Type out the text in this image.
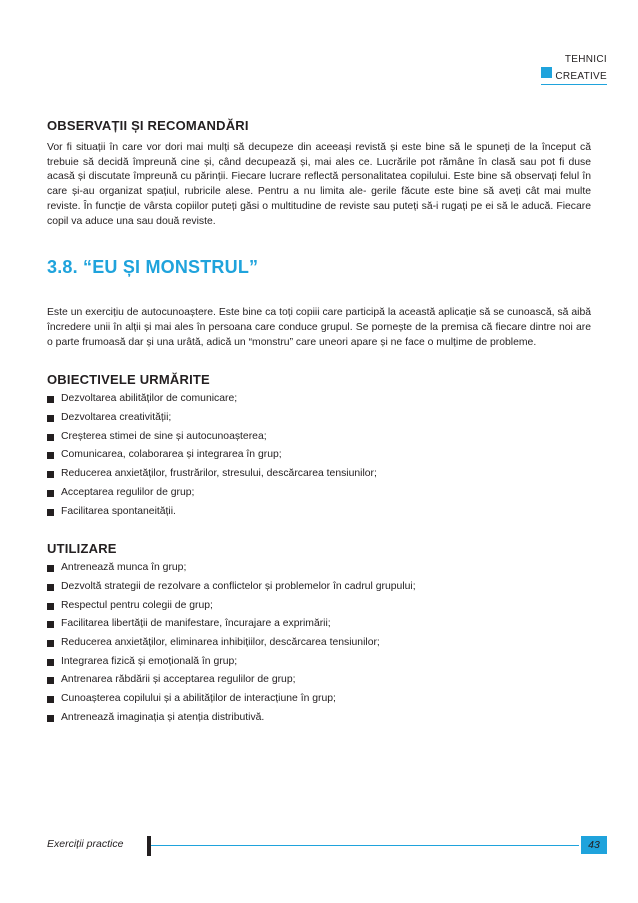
TEHNICI
CREATIVE
OBSERVAȚII ȘI RECOMANDĂRI

Vor fi situații în care vor dori mai mulți să decupeze din aceeași revistă și este bine să le spuneți de la început că trebuie să decidă împreună cine și, când decupează și, mai ales ce. Lucrările pot rămâne în clasă sau pot fi duse acasă și discutate împreună cu părinții. Fiecare lucrare reflectă personalitatea copilului. Este bine să observați felul în care și-au organizat spațiul, rubricile alese. Pentru a nu limita ale- gerile făcute este bine să aveți cât mai multe reviste. În funcție de vârsta copiilor puteți găsi o multitudine de reviste sau puteți să-i rugați pe ei să le aducă. Fiecare copil va aduce una sau două reviste.

3.8. “EU ȘI MONSTRUL”

Este un exercițiu de autocunoaștere. Este bine ca toți copiii care participă la această aplicație să se cunoască, să aibă încredere unii în alții și mai ales în persoana care conduce grupul. Se pornește de la premisa că fiecare dintre noi are o parte frumoasă dar și una urâtă, adică un “monstru” care uneori apare și ne face o mulțime de probleme.

OBIECTIVELE URMĂRITE
Dezvoltarea abilităților de comunicare;
Dezvoltarea creativității;
Creșterea stimei de sine și autocunoașterea;
Comunicarea, colaborarea și integrarea în grup;
Reducerea anxietăților, frustrărilor, stresului, descărcarea tensiunilor;
Acceptarea regulilor de grup;
Facilitarea spontaneității.
UTILIZARE
Antrenează munca în grup;
Dezvoltă strategii de rezolvare a conflictelor și problemelor în cadrul grupului;
Respectul pentru colegii de grup;
Facilitarea libertății de manifestare, încurajare a exprimării;
Reducerea anxietăților, eliminarea inhibițiilor, descărcarea tensiunilor;
Integrarea fizică și emoțională în grup;
Antrenarea răbdării și acceptarea regulilor de grup;
Cunoașterea copilului și a abilităților de interacțiune în grup;
Antrenează imaginația și atenția distributivă.
Exerciții practice	43
